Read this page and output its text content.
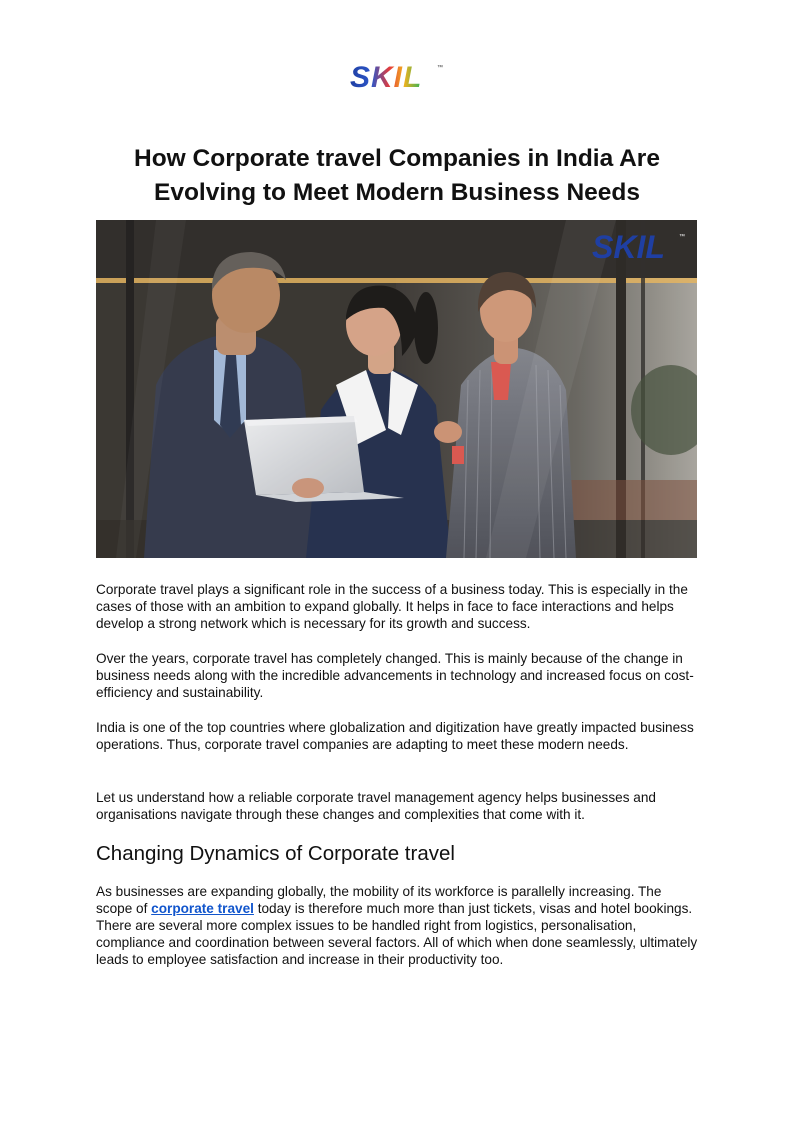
SKIL ™
How Corporate travel Companies in India Are
Evolving to Meet Modern Business Needs
SKIL ™

Corporate travel plays a significant role in the success of a business today. This is especially in the cases of those with an ambition to expand globally. It helps in face to face interactions and helps develop a strong network which is necessary for its growth and success.

Over the years, corporate travel has completely changed. This is mainly because of the change in business needs along with the incredible advancements in technology and increased focus on cost-efficiency and sustainability.

India is one of the top countries where globalization and digitization have greatly impacted business operations. Thus, corporate travel companies are adapting to meet these modern needs.

Let us understand how a reliable corporate travel management agency helps businesses and organisations navigate through these changes and complexities that come with it.

Changing Dynamics of Corporate travel

As businesses are expanding globally, the mobility of its workforce is parallelly increasing. The scope of corporate travel today is therefore much more than just tickets, visas and hotel bookings. There are several more complex issues to be handled right from logistics, personalisation, compliance and coordination between several factors. All of which when done seamlessly, ultimately leads to employee satisfaction and increase in their productivity too.
